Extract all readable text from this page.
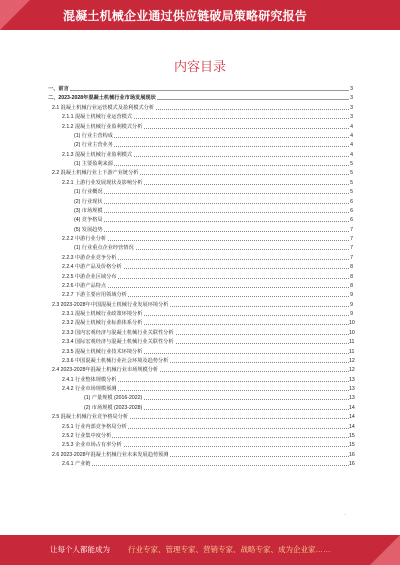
混凝土机械企业通过供应链破局策略研究报告
内容目录
一、前言	3
二、2023-2028年混凝土机械行业市场发展现状	3
2.1 混凝土机械行业运营模式及盈利模式分析	3
2.1.1 混凝土机械行业运营模式	3
2.1.2 混凝土机械行业盈利模式分析	4
(1) 行业主营构成	4
(2) 行业主营业务	4
2.1.3 混凝土机械行业盈利模式	4
(1) 主要盈利来源	5
2.2 混凝土机械行业上下游产业链分析	5
2.2.1 上游行业发展现状及影响分析	5
(1) 行业概况	5
(2) 行业现状	6
(3) 市场规模	6
(4) 竞争格局	6
(5) 发展趋势	7
2.2.2 中游行业分析	7
(1) 行业重点企业经营情况	7
2.2.3 中游企业竞争分析	7
2.2.4 中游产品及价格分析	8
2.2.5 中游企业区域分布	8
2.2.6 中游产品特点	8
2.2.7 下游主要应用领域分析	9
2.3 2023-2028年中国混凝土机械行业发展环境分析	9
2.3.1 混凝土机械行业政策环境分析	9
2.3.2 混凝土机械行业标准体系分析	10
2.3.3 国内宏观经济与混凝土机械行业关联性分析	10
2.3.4 国际宏观经济与混凝土机械行业关联性分析	11
2.3.5 混凝土机械行业技术环境分析	11
2.3.6 中国混凝土机械行业社会环境及趋势分析	12
2.4 2023-2028年混凝土机械行业市场规模分析	12
2.4.1 行业整体规模分析	13
2.4.2 行业市场规模预测	13
(1) 产量规模 (2016-2022)	13
(2) 市场规模 (2023-2028)	14
2.5 混凝土机械行业竞争格局分析	14
2.5.1 行业内部竞争格局分析	14
2.5.2 行业集中度分析	15
2.5.3 企业市场占有率分析	15
2.6 2023-2028年混凝土机械行业未来发展趋势预测	16
2.6.1 产业链	16
.
让每个人都能成为 行业专家、管理专家、营销专家、战略专家、成为企业家……
